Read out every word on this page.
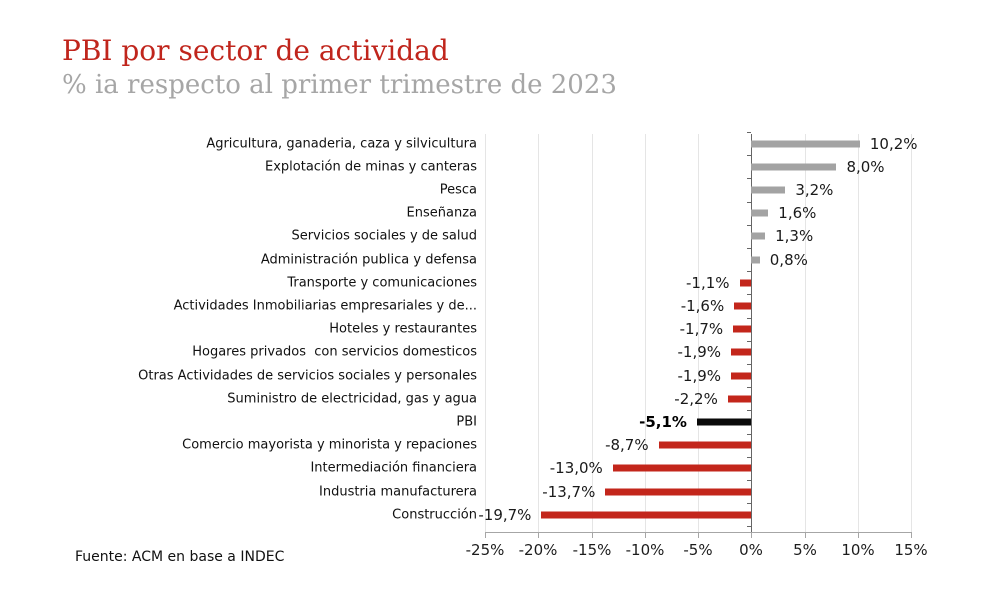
PBI por sector de actividad
% ia respecto al primer trimestre de 2023
-25% -20% -15% -10% -5% 0% 5% 10% 15%
Agricultura, ganaderia, caza y silvicultura	10,2%
Explotación de minas y canteras	8,0%
Pesca	3,2%
Enseñanza	1,6%
Servicios sociales y de salud	1,3%
Administración publica y defensa	0,8%
Transporte y comunicaciones	-1,1%
Actividades Inmobiliarias empresariales y de...	-1,6%
Hoteles y restaurantes	-1,7%
Hogares privados  con servicios domesticos	-1,9%
Otras Actividades de servicios sociales y personales	-1,9%
Suministro de electricidad, gas y agua	-2,2%
PBI	-5,1%
Comercio mayorista y minorista y repaciones	-8,7%
Intermediación financiera	-13,0%
Industria manufacturera	-13,7%
Construcción -19,7%
Fuente: ACM en base a INDEC
